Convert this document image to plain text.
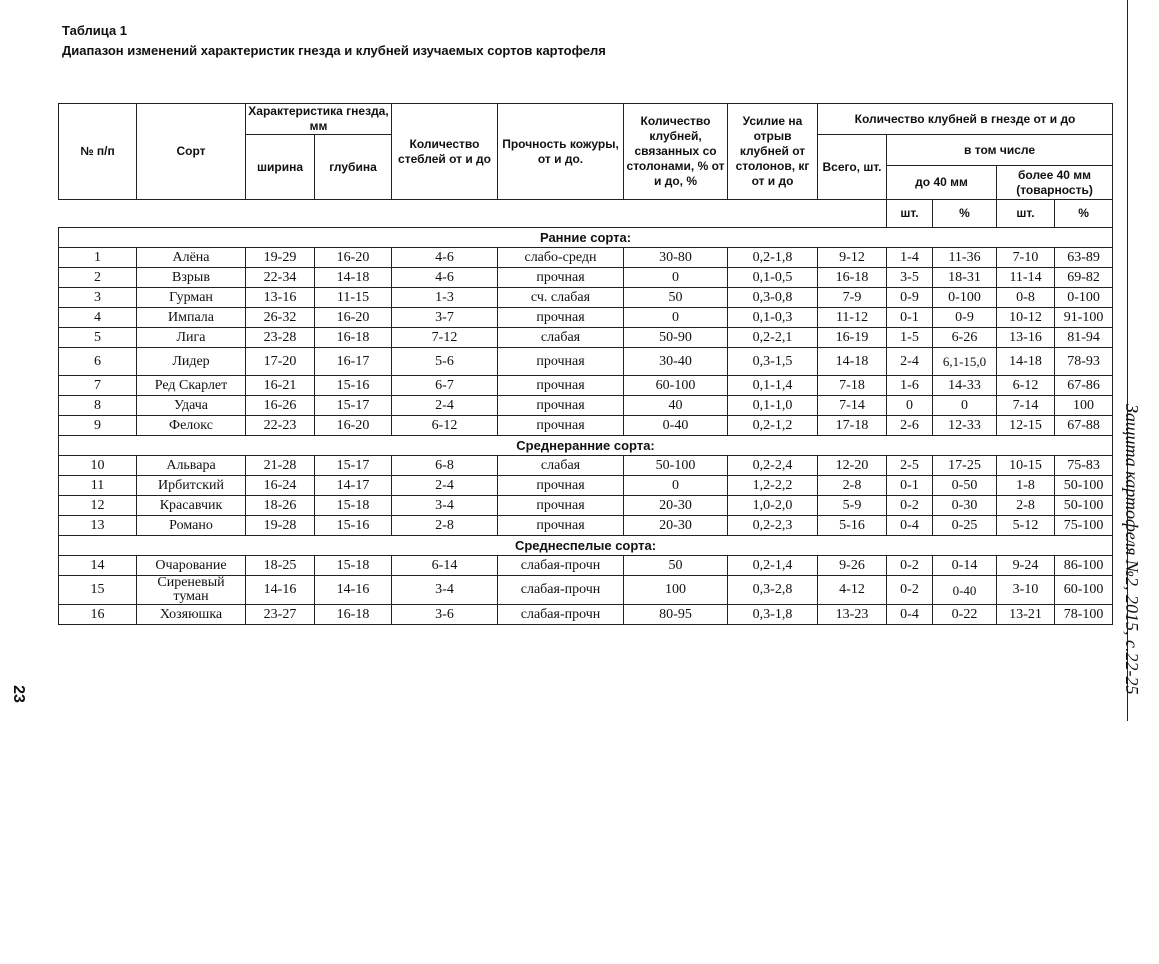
Таблица 1
Диапазон изменений характеристик гнезда и клубней изучаемых сортов картофеля
№ п/п	Сорт	Характеристика гнезда, мм		Количество стеблей от и до	Прочность кожуры, от и до.	Количество клубней, связанных со столонами, % от и до, %	Усилие на отрыв клубней от столонов, кг от и до	Количество клубней в гнезде от и до				
		ширина	глубина					Всего, шт.	в том числе			
									до 40 мм		более 40 мм (товарность)	
									шт.	%	шт.	%
Ранние сорта:												
1	Алёна	19-29	16-20	4-6	слабо-средн	30-80	0,2-1,8	9-12	1-4	11-36	7-10	63-89
2	Взрыв	22-34	14-18	4-6	прочная	0	0,1-0,5	16-18	3-5	18-31	11-14	69-82
3	Гурман	13-16	11-15	1-3	сч. слабая	50	0,3-0,8	7-9	0-9	0-100	0-8	0-100
4	Импала	26-32	16-20	3-7	прочная	0	0,1-0,3	11-12	0-1	0-9	10-12	91-100
5	Лига	23-28	16-18	7-12	слабая	50-90	0,2-2,1	16-19	1-5	6-26	13-16	81-94
6	Лидер	17-20	16-17	5-6	прочная	30-40	0,3-1,5	14-18	2-4	6,1-15,0	14-18	78-93
7	Ред Скарлет	16-21	15-16	6-7	прочная	60-100	0,1-1,4	7-18	1-6	14-33	6-12	67-86
8	Удача	16-26	15-17	2-4	прочная	40	0,1-1,0	7-14	0	0	7-14	100
9	Фелокс	22-23	16-20	6-12	прочная	0-40	0,2-1,2	17-18	2-6	12-33	12-15	67-88
Среднеранние сорта:												
10	Альвара	21-28	15-17	6-8	слабая	50-100	0,2-2,4	12-20	2-5	17-25	10-15	75-83
11	Ирбитский	16-24	14-17	2-4	прочная	0	1,2-2,2	2-8	0-1	0-50	1-8	50-100
12	Красавчик	18-26	15-18	3-4	прочная	20-30	1,0-2,0	5-9	0-2	0-30	2-8	50-100
13	Романо	19-28	15-16	2-8	прочная	20-30	0,2-2,3	5-16	0-4	0-25	5-12	75-100
Среднеспелые сорта:												
14	Очарование	18-25	15-18	6-14	слабая-прочн	50	0,2-1,4	9-26	0-2	0-14	9-24	86-100
15	Сиреневый туман	14-16	14-16	3-4	слабая-прочн	100	0,3-2,8	4-12	0-2	0-40	3-10	60-100
16	Хозяюшка	23-27	16-18	3-6	слабая-прочн	80-95	0,3-1,8	13-23	0-4	0-22	13-21	78-100 Защита картофеля №2, 2015, с.22-25
23
